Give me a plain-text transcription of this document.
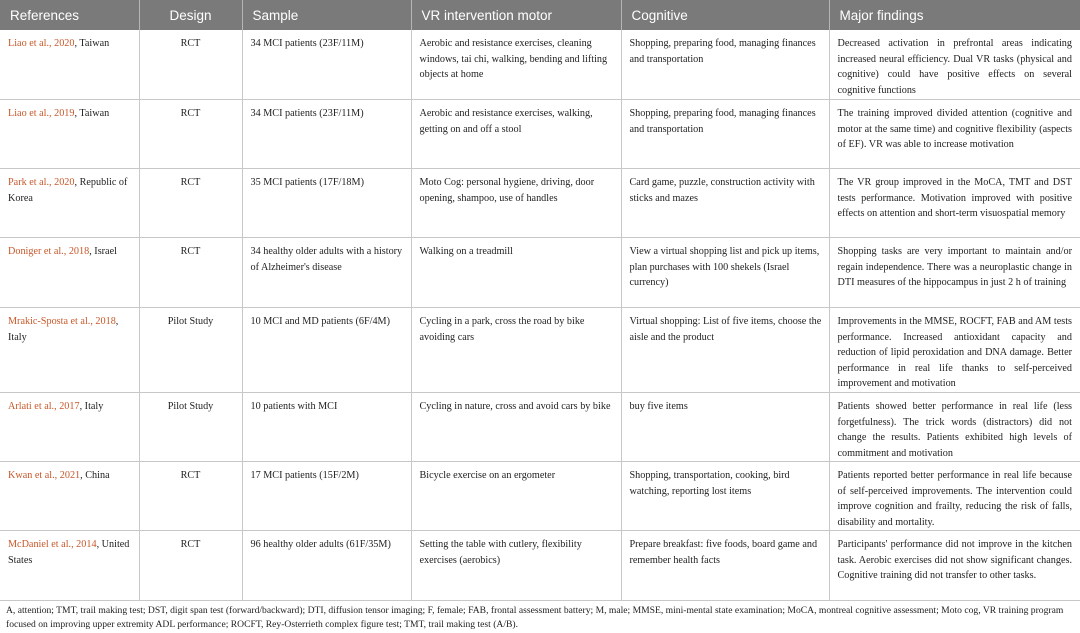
References	Design	Sample	VR intervention motor	Cognitive	Major findings
Liao et al., 2020, Taiwan	RCT	34 MCI patients (23F/11M)	Aerobic and resistance exercises, cleaning windows, tai chi, walking, bending and lifting objects at home	Shopping, preparing food, managing finances and transportation	Decreased activation in prefrontal areas indicating increased neural efficiency. Dual VR tasks (physical and cognitive) could have positive effects on several cognitive functions
Liao et al., 2019, Taiwan	RCT	34 MCI patients (23F/11M)	Aerobic and resistance exercises, walking, getting on and off a stool	Shopping, preparing food, managing finances and transportation	The training improved divided attention (cognitive and motor at the same time) and cognitive flexibility (aspects of EF). VR was able to increase motivation
Park et al., 2020, Republic of Korea	RCT	35 MCI patients (17F/18M)	Moto Cog: personal hygiene, driving, door opening, shampoo, use of handles	Card game, puzzle, construction activity with sticks and mazes	The VR group improved in the MoCA, TMT and DST tests performance. Motivation improved with positive effects on attention and short-term visuospatial memory
Doniger et al., 2018, Israel	RCT	34 healthy older adults with a history of Alzheimer's disease	Walking on a treadmill	View a virtual shopping list and pick up items, plan purchases with 100 shekels (Israel currency)	Shopping tasks are very important to maintain and/or regain independence. There was a neuroplastic change in DTI measures of the hippocampus in just 2 h of training
Mrakic-Sposta et al., 2018, Italy	Pilot Study	10 MCI and MD patients (6F/4M)	Cycling in a park, cross the road by bike avoiding cars	Virtual shopping: List of five items, choose the aisle and the product	Improvements in the MMSE, ROCFT, FAB and AM tests performance. Increased antioxidant capacity and reduction of lipid peroxidation and DNA damage. Better performance in real life thanks to self-perceived improvement and motivation
Arlati et al., 2017, Italy	Pilot Study	10 patients with MCI	Cycling in nature, cross and avoid cars by bike	buy five items	Patients showed better performance in real life (less forgetfulness). The trick words (distractors) did not change the results. Patients exhibited high levels of commitment and motivation
Kwan et al., 2021, China	RCT	17 MCI patients (15F/2M)	Bicycle exercise on an ergometer	Shopping, transportation, cooking, bird watching, reporting lost items	Patients reported better performance in real life because of self-perceived improvements. The intervention could improve cognition and frailty, reducing the risk of falls, disability and mortality.
McDaniel et al., 2014, United States	RCT	96 healthy older adults (61F/35M)	Setting the table with cutlery, flexibility exercises (aerobics)	Prepare breakfast: five foods, board game and remember health facts	Participants' performance did not improve in the kitchen task. Aerobic exercises did not show significant changes. Cognitive training did not transfer to other tasks.
A, attention; TMT, trail making test; DST, digit span test (forward/backward); DTI, diffusion tensor imaging; F, female; FAB, frontal assessment battery; M, male; MMSE, mini-mental state examination; MoCA, montreal cognitive assessment; Moto cog, VR training program focused on improving upper extremity ADL performance; ROCFT, Rey-Osterrieth complex figure test; TMT, trail making test (A/B).
